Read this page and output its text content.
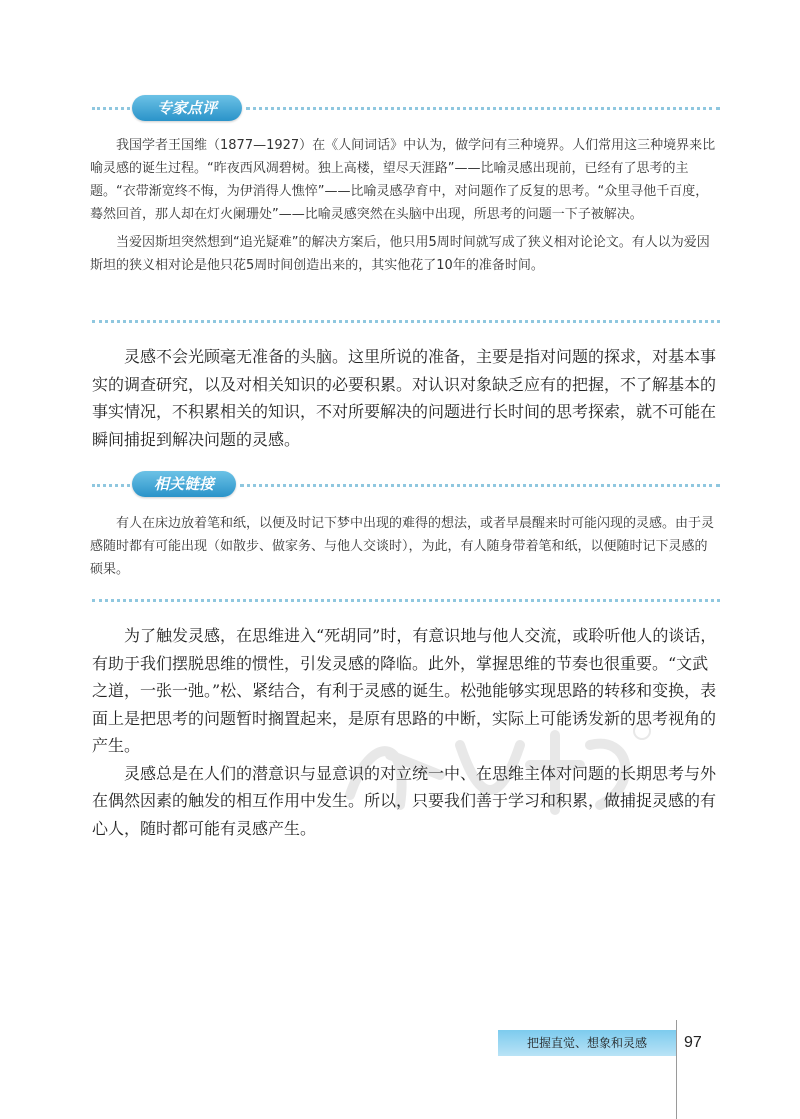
专家点评

我国学者王国维（1877—1927）在《人间词话》中认为，做学问有三种境界。人们常用这三种境界来比喻灵感的诞生过程。“昨夜西风凋碧树。独上高楼，望尽天涯路”——比喻灵感出现前，已经有了思考的主题。“衣带渐宽终不悔，为伊消得人憔悴”——比喻灵感孕育中，对问题作了反复的思考。“众里寻他千百度，蓦然回首，那人却在灯火阑珊处”——比喻灵感突然在头脑中出现，所思考的问题一下子被解决。

当爱因斯坦突然想到“追光疑难”的解决方案后，他只用5周时间就写成了狭义相对论论文。有人以为爱因斯坦的狭义相对论是他只花5周时间创造出来的，其实他花了10年的准备时间。

灵感不会光顾毫无准备的头脑。这里所说的准备，主要是指对问题的探求，对基本事实的调查研究，以及对相关知识的必要积累。对认识对象缺乏应有的把握，不了解基本的事实情况，不积累相关的知识，不对所要解决的问题进行长时间的思考探索，就不可能在瞬间捕捉到解决问题的灵感。

相关链接

有人在床边放着笔和纸，以便及时记下梦中出现的难得的想法，或者早晨醒来时可能闪现的灵感。由于灵感随时都有可能出现（如散步、做家务、与他人交谈时），为此，有人随身带着笔和纸，以便随时记下灵感的硕果。

为了触发灵感，在思维进入“死胡同”时，有意识地与他人交流，或聆听他人的谈话，有助于我们摆脱思维的惯性，引发灵感的降临。此外，掌握思维的节奏也很重要。“文武之道，一张一弛。”松、紧结合，有利于灵感的诞生。松弛能够实现思路的转移和变换，表面上是把思考的问题暂时搁置起来，是原有思路的中断，实际上可能诱发新的思考视角的产生。

灵感总是在人们的潜意识与显意识的对立统一中、在思维主体对问题的长期思考与外在偶然因素的触发的相互作用中发生。所以，只要我们善于学习和积累，做捕捉灵感的有心人，随时都可能有灵感产生。

把握直觉、想象和灵感	97
